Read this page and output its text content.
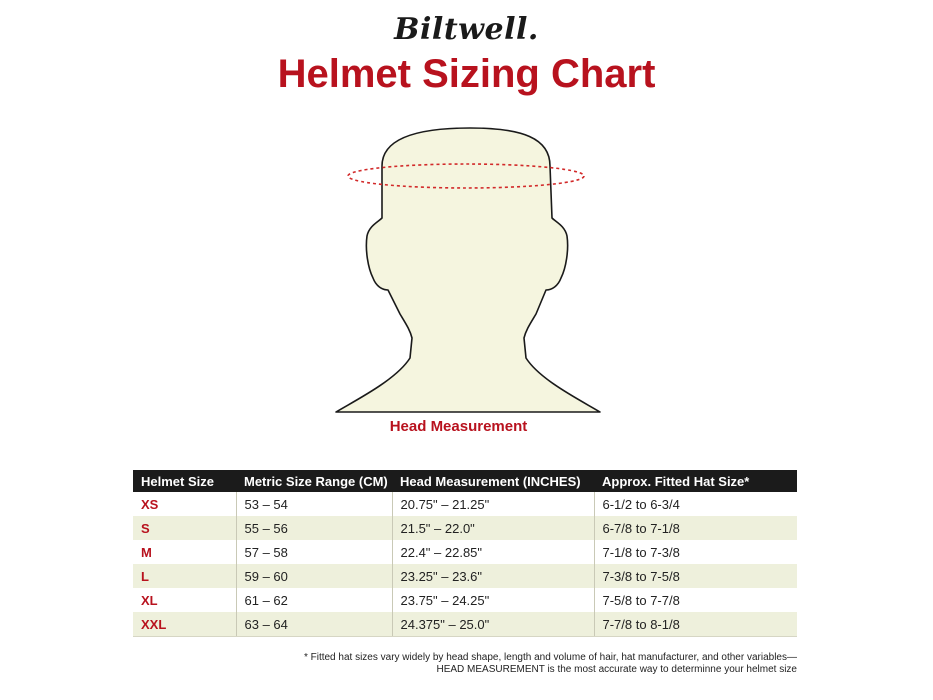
Biltwell.
Helmet Sizing Chart
Head Measurement
Helmet Size	Metric Size Range (CM)	Head Measurement (INCHES)	Approx. Fitted Hat Size*
XS	53 – 54	20.75" – 21.25"	6-1/2 to 6-3/4
S	55 – 56	21.5" – 22.0"	6-7/8 to 7-1/8
M	57 – 58	22.4" – 22.85"	7-1/8 to 7-3/8
L	59 – 60	23.25" – 23.6"	7-3/8 to 7-5/8
XL	61 – 62	23.75" – 24.25"	7-5/8 to 7-7/8
XXL	63 – 64	24.375" – 25.0"	7-7/8 to 8-1/8
* Fitted hat sizes vary widely by head shape, length and volume of hair, hat manufacturer, and other variables—
HEAD MEASUREMENT is the most accurate way to determinne your helmet size
